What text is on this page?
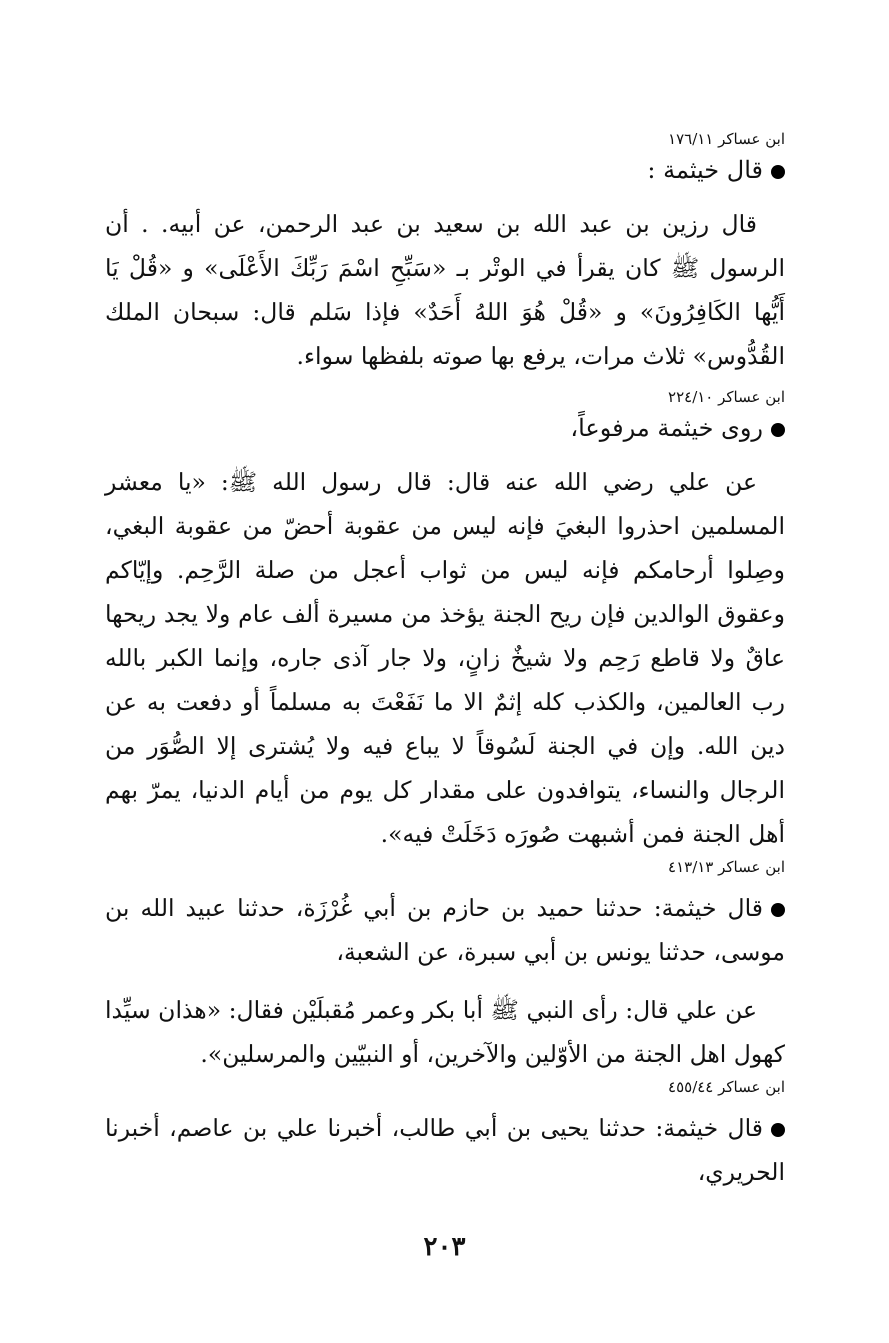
ابن عساكر ١٧٦/١١

قال خيثمة :

قال رزين بن عبد الله بن سعيد بن عبد الرحمن، عن أبيه. . أن الرسول ﷺ كان يقرأ في الوتْر بـ «سَبِّحِ اسْمَ رَبِّكَ الأَعْلَى» و «قُلْ يَا أَيُّها الكَافِرُونَ» و «قُلْ هُوَ اللهُ أَحَدٌ» فإذا سَلم قال: سبحان الملك القُدُّوس» ثلاث مرات، يرفع بها صوته بلفظها سواء.

ابن عساكر ٢٢٤/١٠

روى خيثمة مرفوعاً،

عن علي رضي الله عنه قال: قال رسول الله ﷺ: «يا معشر المسلمين احذروا البغيَ فإنه ليس من عقوبة أحضّ من عقوبة البغي، وصِلوا أرحامكم فإنه ليس من ثواب أعجل من صلة الرَّحِم. وإيّاكم وعقوق الوالدين فإن ريح الجنة يؤخذ من مسيرة ألف عام ولا يجد ريحها عاقٌ ولا قاطع رَحِم ولا شيخٌ زانٍ، ولا جار آذى جاره، وإنما الكبر بالله رب العالمين، والكذب كله إثمٌ الا ما نَفَعْتَ به مسلماً أو دفعت به عن دين الله. وإن في الجنة لَسُوقاً لا يباع فيه ولا يُشترى إلا الصُّوَر من الرجال والنساء، يتوافدون على مقدار كل يوم من أيام الدنيا، يمرّ بهم أهل الجنة فمن أشبهت صُورَه دَخَلَتْ فيه».

ابن عساكر ٤١٣/١٣

قال خيثمة: حدثنا حميد بن حازم بن أبي غُرْزَة، حدثنا عبيد الله بن موسى، حدثنا يونس بن أبي سبرة، عن الشعبة،

عن علي قال: رأى النبي ﷺ أبا بكر وعمر مُقبلَيْن فقال: «هذان سيِّدا كهول اهل الجنة من الأوّلين والآخرين، أو النبيّين والمرسلين».

ابن عساكر ٤٥٥/٤٤

قال خيثمة: حدثنا يحيى بن أبي طالب، أخبرنا علي بن عاصم، أخبرنا الحريري،

٢٠٣
